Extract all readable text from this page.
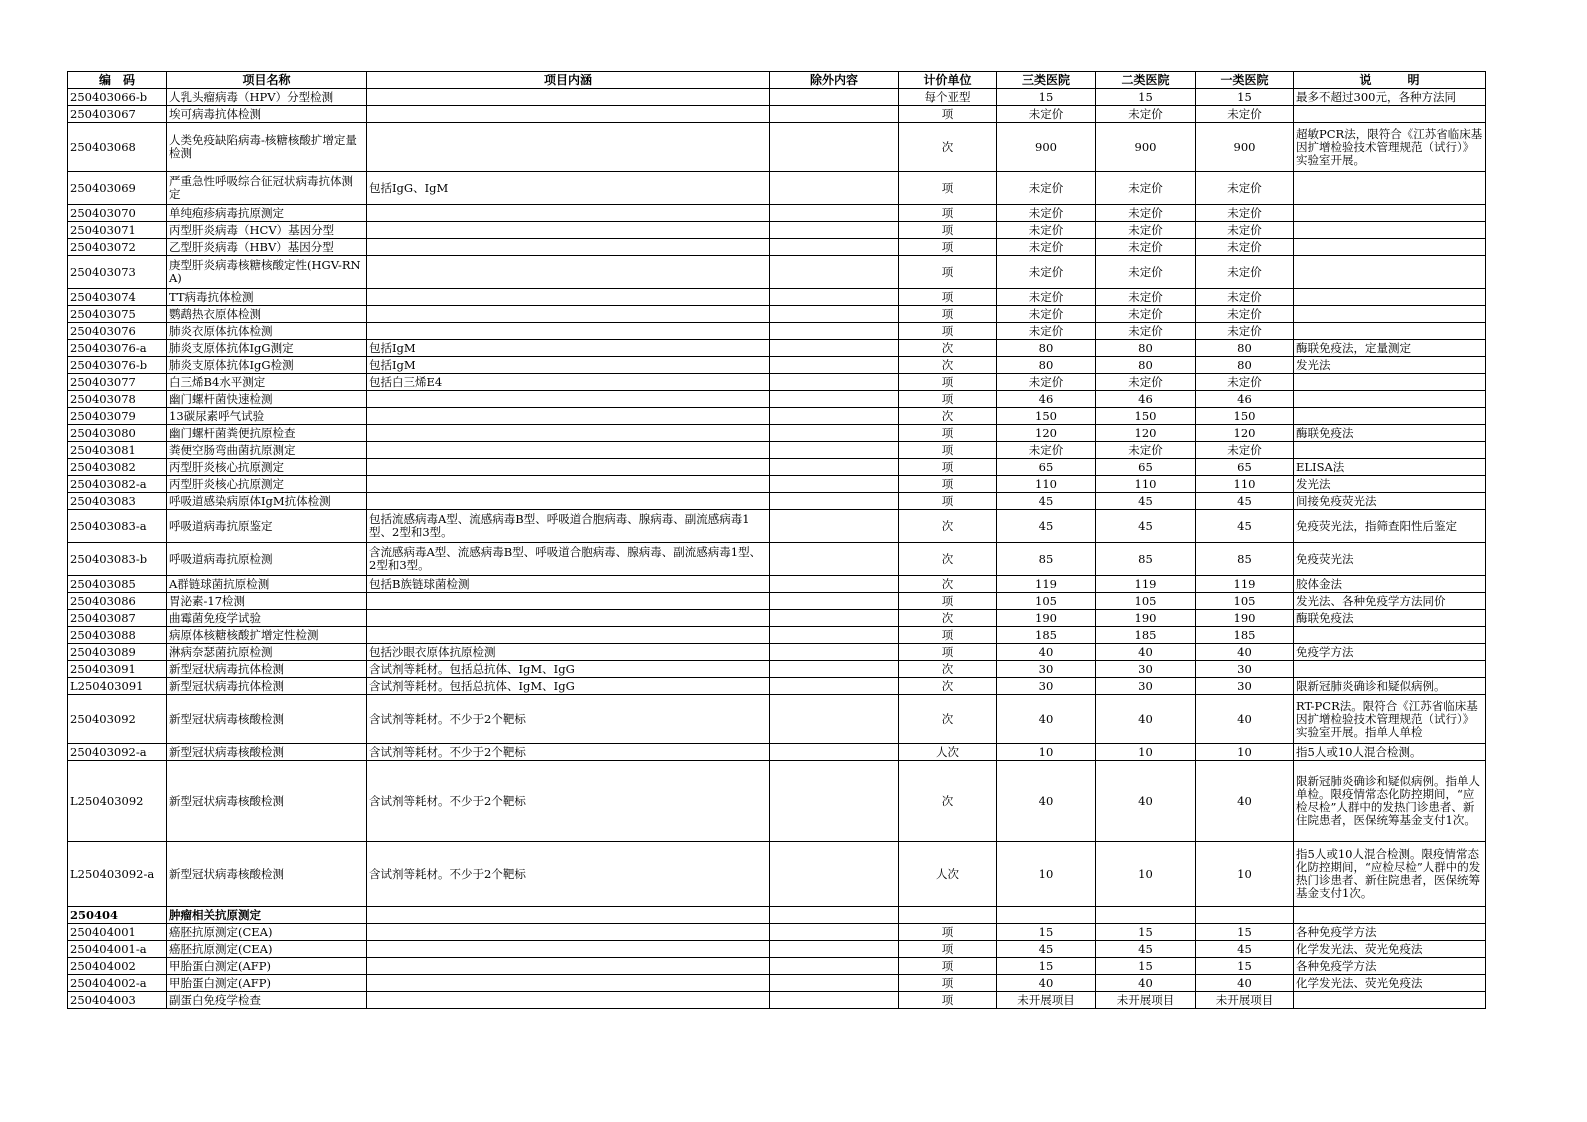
编　码	项目名称	项目内涵	除外内容	计价单位	三类医院	二类医院	一类医院	说　　　明
250403066-b	人乳头瘤病毒（HPV）分型检测			每个亚型	15	15	15	最多不超过300元，各种方法同
250403067	埃可病毒抗体检测			项	未定价	未定价	未定价	
250403068	人类免疫缺陷病毒-核糖核酸扩增定量检测			次	900	900	900	超敏PCR法，限符合《江苏省临床基因扩增检验技术管理规范（试行）》实验室开展。
250403069	严重急性呼吸综合征冠状病毒抗体测定	包括IgG、IgM		项	未定价	未定价	未定价	
250403070	单纯疱疹病毒抗原测定			项	未定价	未定价	未定价	
250403071	丙型肝炎病毒（HCV）基因分型			项	未定价	未定价	未定价	
250403072	乙型肝炎病毒（HBV）基因分型			项	未定价	未定价	未定价	
250403073	庚型肝炎病毒核糖核酸定性(HGV-RNA)			项	未定价	未定价	未定价	
250403074	TT病毒抗体检测			项	未定价	未定价	未定价	
250403075	鹦鹉热衣原体检测			项	未定价	未定价	未定价	
250403076	肺炎衣原体抗体检测			项	未定价	未定价	未定价	
250403076-a	肺炎支原体抗体IgG测定	包括IgM		次	80	80	80	酶联免疫法，定量测定
250403076-b	肺炎支原体抗体IgG检测	包括IgM		次	80	80	80	发光法
250403077	白三烯B4水平测定	包括白三烯E4		项	未定价	未定价	未定价	
250403078	幽门螺杆菌快速检测			项	46	46	46	
250403079	13碳尿素呼气试验			次	150	150	150	
250403080	幽门螺杆菌粪便抗原检查			项	120	120	120	酶联免疫法
250403081	粪便空肠弯曲菌抗原测定			项	未定价	未定价	未定价	
250403082	丙型肝炎核心抗原测定			项	65	65	65	ELISA法
250403082-a	丙型肝炎核心抗原测定			项	110	110	110	发光法
250403083	呼吸道感染病原体IgM抗体检测			项	45	45	45	间接免疫荧光法
250403083-a	呼吸道病毒抗原鉴定	包括流感病毒A型、流感病毒B型、呼吸道合胞病毒、腺病毒、副流感病毒1型、2型和3型。		次	45	45	45	免疫荧光法，指筛查阳性后鉴定
250403083-b	呼吸道病毒抗原检测	含流感病毒A型、流感病毒B型、呼吸道合胞病毒、腺病毒、副流感病毒1型、2型和3型。		次	85	85	85	免疫荧光法
250403085	A群链球菌抗原检测	包括B族链球菌检测		次	119	119	119	胶体金法
250403086	胃泌素-17检测			项	105	105	105	发光法、各种免疫学方法同价
250403087	曲霉菌免疫学试验			次	190	190	190	酶联免疫法
250403088	病原体核糖核酸扩增定性检测			项	185	185	185	
250403089	淋病奈瑟菌抗原检测	包括沙眼衣原体抗原检测		项	40	40	40	免疫学方法
250403091	新型冠状病毒抗体检测	含试剂等耗材。包括总抗体、IgM、IgG		次	30	30	30	
L250403091	新型冠状病毒抗体检测	含试剂等耗材。包括总抗体、IgM、IgG		次	30	30	30	限新冠肺炎确诊和疑似病例。
250403092	新型冠状病毒核酸检测	含试剂等耗材。不少于2个靶标		次	40	40	40	RT-PCR法。限符合《江苏省临床基因扩增检验技术管理规范（试行）》实验室开展。指单人单检
250403092-a	新型冠状病毒核酸检测	含试剂等耗材。不少于2个靶标		人次	10	10	10	指5人或10人混合检测。
L250403092	新型冠状病毒核酸检测	含试剂等耗材。不少于2个靶标		次	40	40	40	限新冠肺炎确诊和疑似病例。指单人单检。限疫情常态化防控期间，“应检尽检”人群中的发热门诊患者、新住院患者，医保统筹基金支付1次。
L250403092-a	新型冠状病毒核酸检测	含试剂等耗材。不少于2个靶标		人次	10	10	10	指5人或10人混合检测。限疫情常态化防控期间，“应检尽检”人群中的发热门诊患者、新住院患者，医保统筹基金支付1次。
250404	肿瘤相关抗原测定							
250404001	癌胚抗原测定(CEA)			项	15	15	15	各种免疫学方法
250404001-a	癌胚抗原测定(CEA)			项	45	45	45	化学发光法、荧光免疫法
250404002	甲胎蛋白测定(AFP)			项	15	15	15	各种免疫学方法
250404002-a	甲胎蛋白测定(AFP)			项	40	40	40	化学发光法、荧光免疫法
250404003	副蛋白免疫学检查			项	未开展项目	未开展项目	未开展项目	
